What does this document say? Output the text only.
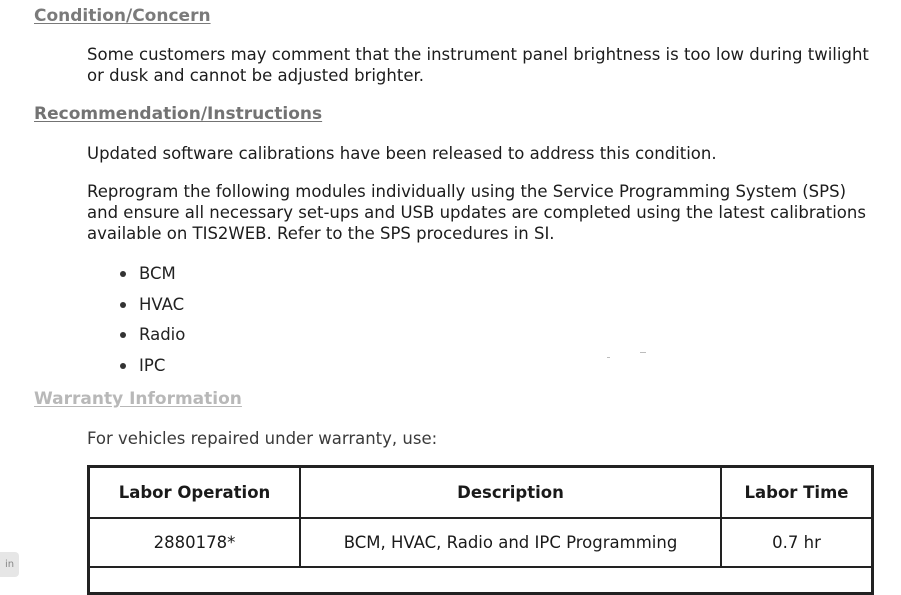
Condition/Concern
Some customers may comment that the instrument panel brightness is too low during twilight or dusk and cannot be adjusted brighter.
Recommendation/Instructions
Updated software calibrations have been released to address this condition.
Reprogram the following modules individually using the Service Programming System (SPS) and ensure all necessary set-ups and USB updates are completed using the latest calibrations available on TIS2WEB. Refer to the SPS procedures in SI.
BCM
HVAC
Radio
IPC
Warranty Information
For vehicles repaired under warranty, use:
Labor Operation	Description	Labor Time
2880178*	BCM, HVAC, Radio and IPC Programming	0.7 hr
in
